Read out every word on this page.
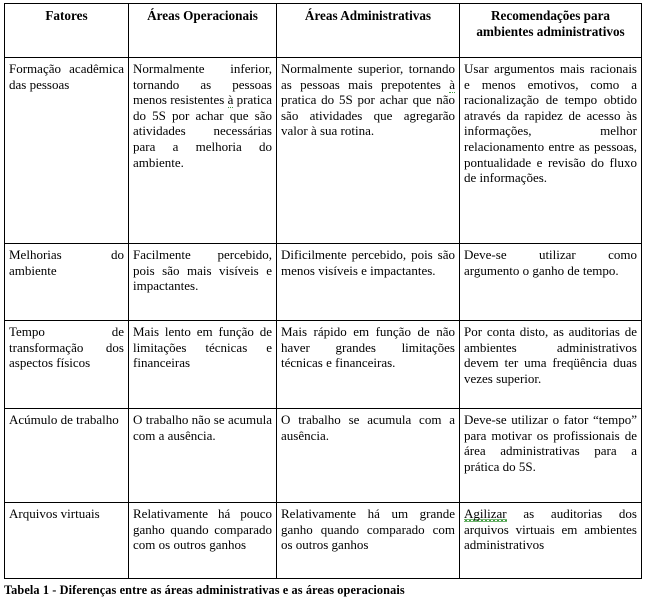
Fatores	Áreas Operacionais	Áreas Administrativas	Recomendações para ambientes administrativos

Formação acadêmica das pessoas	Normalmente inferior, tornando as pessoas menos resistentes à pratica do 5S por achar que são atividades necessárias para a melhoria do ambiente.	Normalmente superior, tornando as pessoas mais prepotentes à pratica do 5S por achar que não são atividades que agregarão valor à sua rotina.	Usar argumentos mais racionais e menos emotivos, como a racionalização de tempo obtido através da rapidez de acesso às informações, melhor relacionamento entre as pessoas, pontualidade e revisão do fluxo de informações.

Melhorias do ambiente	Facilmente percebido, pois são mais visíveis e impactantes.	Dificilmente percebido, pois são menos visíveis e impactantes.	Deve-se utilizar como argumento o ganho de tempo.

Tempo de transformação dos aspectos físicos	Mais lento em função de limitações técnicas e financeiras	Mais rápido em função de não haver grandes limitações técnicas e financeiras.	Por conta disto, as auditorias de ambientes administrativos devem ter uma freqüência duas vezes superior.

Acúmulo de trabalho	O trabalho não se acumula com a ausência.	O trabalho se acumula com a ausência.	Deve-se utilizar o fator “tempo” para motivar os profissionais de área administrativas para a prática do 5S.

Arquivos virtuais	Relativamente há pouco ganho quando comparado com os outros ganhos	Relativamente há um grande ganho quando comparado com os outros ganhos	Agilizar as auditorias dos arquivos virtuais em ambientes administrativos

Tabela 1 - Diferenças entre as áreas administrativas e as áreas operacionais
